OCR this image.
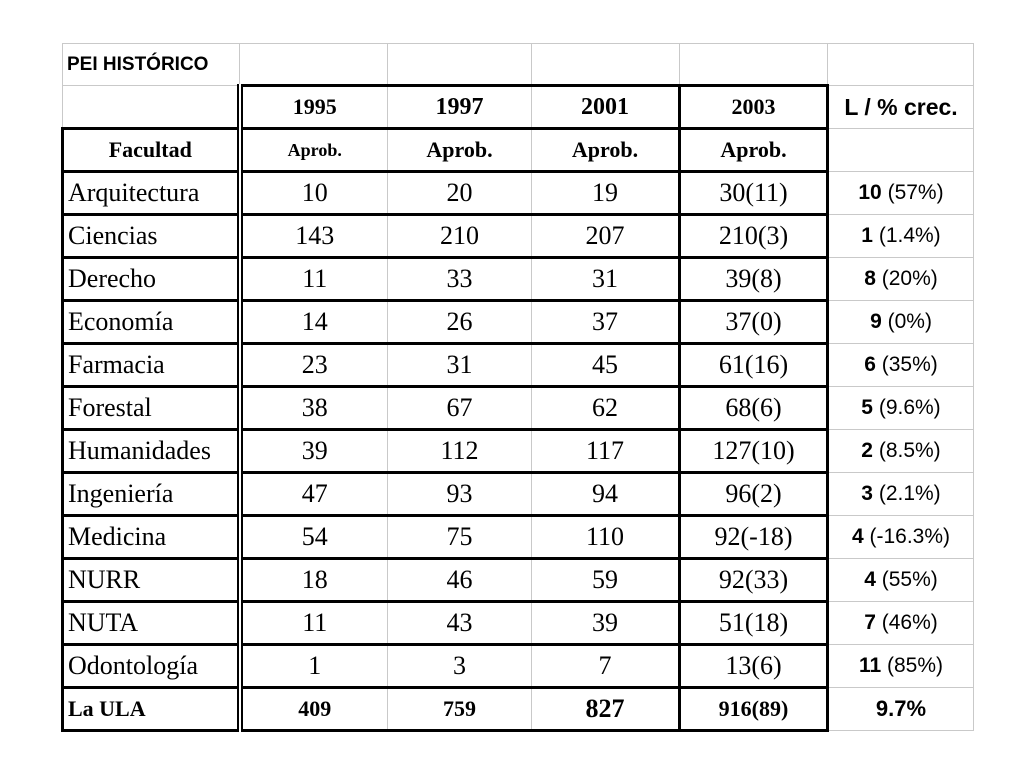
PEI HISTÓRICO					
	1995	1997	2001	2003	L / % crec.
Facultad	Aprob.	Aprob.	Aprob.	Aprob.	
Arquitectura	10	20	19	30(11)	10 (57%)
Ciencias	143	210	207	210(3)	1 (1.4%)
Derecho	11	33	31	39(8)	8 (20%)
Economía	14	26	37	37(0)	9 (0%)
Farmacia	23	31	45	61(16)	6 (35%)
Forestal	38	67	62	68(6)	5 (9.6%)
Humanidades	39	112	117	127(10)	2 (8.5%)
Ingeniería	47	93	94	96(2)	3 (2.1%)
Medicina	54	75	110	92(-18)	4 (-16.3%)
NURR	18	46	59	92(33)	4 (55%)
NUTA	11	43	39	51(18)	7 (46%)
Odontología	1	3	7	13(6)	11 (85%)
La ULA	409	759	827	916(89)	9.7%
